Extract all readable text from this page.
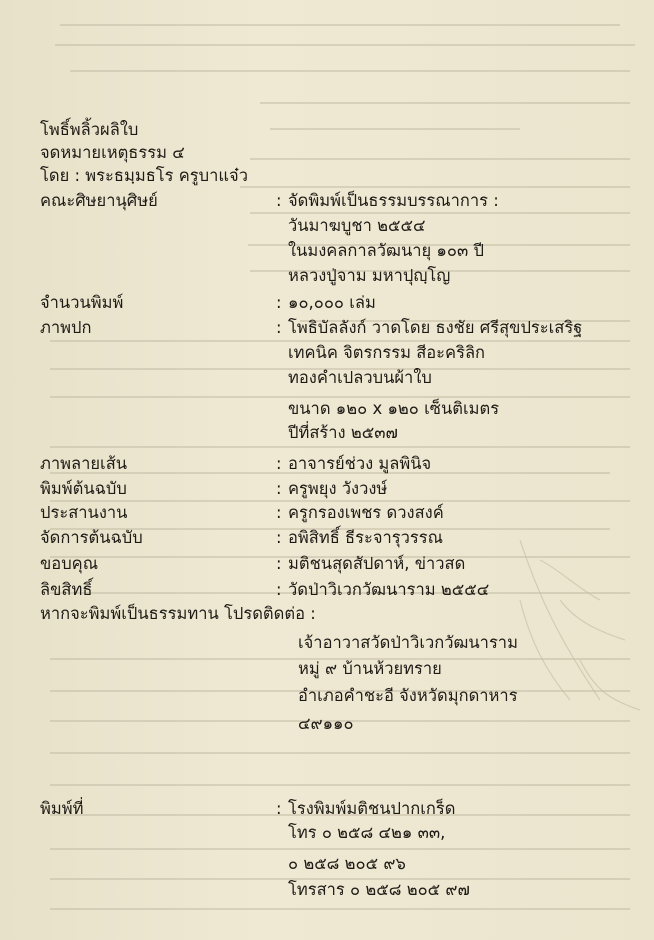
โพธิ์พลิ้วผลิใบ
จดหมายเหตุธรรม ๔
โดย : พระธมฺมธโร ครูบาแจ๋ว
คณะศิษยานุศิษย์	: จัดพิมพ์เป็นธรรมบรรณาการ :
วันมาฆบูชา ๒๕๕๔
ในมงคลกาลวัฒนายุ ๑๐๓ ปี
หลวงปู่จาม มหาปุญฺโญ
จำนวนพิมพ์	: ๑๐,๐๐๐ เล่ม
ภาพปก	: โพธิบัลลังก์ วาดโดย ธงชัย ศรีสุขประเสริฐ
เทคนิค จิตรกรรม สีอะคริลิก
ทองคำเปลวบนผ้าใบ
ขนาด ๑๒๐ x ๑๒๐ เซ็นติเมตร
ปีที่สร้าง ๒๕๓๗
ภาพลายเส้น	: อาจารย์ช่วง มูลพินิจ
พิมพ์ต้นฉบับ	: ครูพยุง วังวงษ์
ประสานงาน	: ครูกรองเพชร ดวงสงค์
จัดการต้นฉบับ	: อพิสิทธิ์ ธีระจารุวรรณ
ขอบคุณ	: มติชนสุดสัปดาห์, ข่าวสด
ลิขสิทธิ์	: วัดป่าวิเวกวัฒนาราม ๒๕๕๔
หากจะพิมพ์เป็นธรรมทาน โปรดติดต่อ :
เจ้าอาวาสวัดป่าวิเวกวัฒนาราม
หมู่ ๙ บ้านห้วยทราย
อำเภอคำชะอี จังหวัดมุกดาหาร
๔๙๑๑๐
พิมพ์ที่	: โรงพิมพ์มติชนปากเกร็ด
โทร ๐ ๒๕๘ ๔๒๑ ๓๓,
๐ ๒๕๘ ๒๐๕ ๙๖
โทรสาร ๐ ๒๕๘ ๒๐๕ ๙๗
